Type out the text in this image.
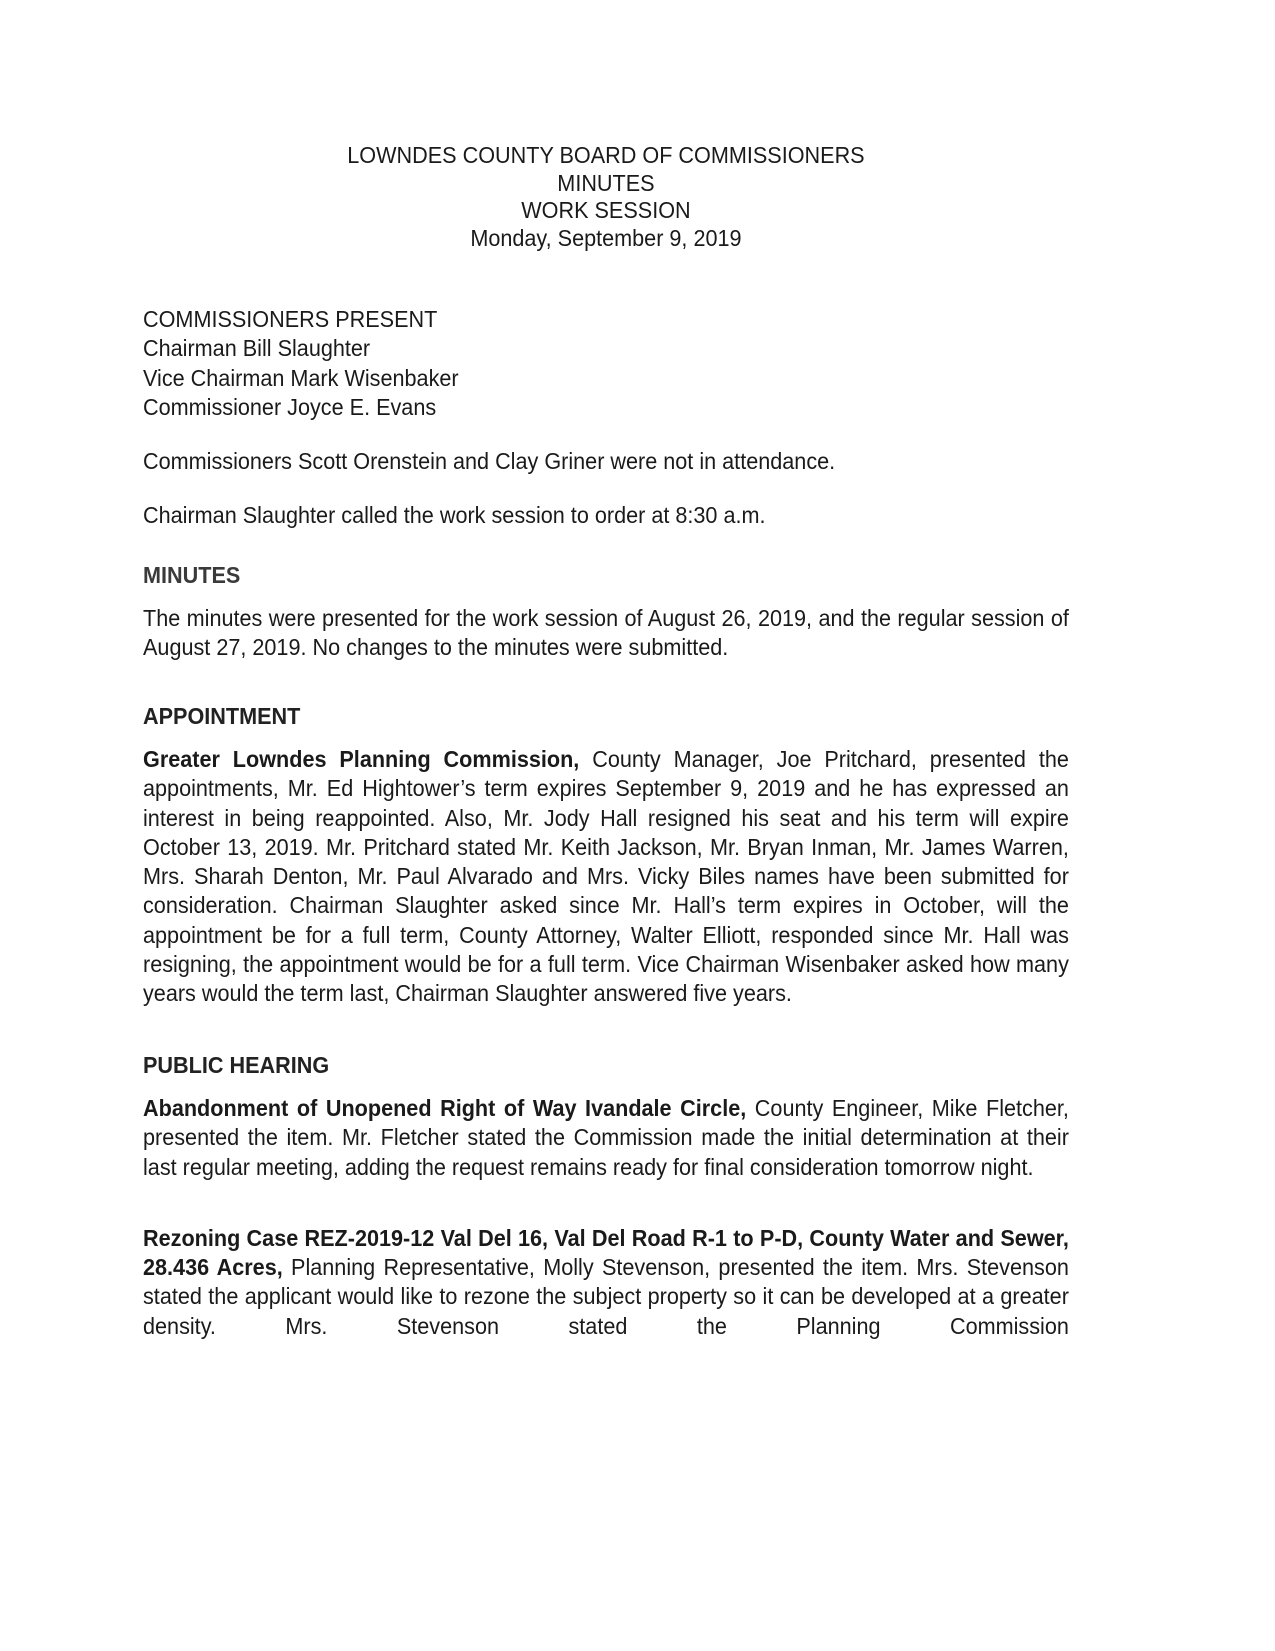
LOWNDES COUNTY BOARD OF COMMISSIONERS
MINUTES
WORK SESSION
Monday, September 9, 2019
COMMISSIONERS PRESENT
Chairman Bill Slaughter
Vice Chairman Mark Wisenbaker
Commissioner Joyce E. Evans

Commissioners Scott Orenstein and Clay Griner were not in attendance.

Chairman Slaughter called the work session to order at 8:30 a.m.

MINUTES

The minutes were presented for the work session of August 26, 2019, and the regular session of August 27, 2019. No changes to the minutes were submitted.

APPOINTMENT

Greater Lowndes Planning Commission, County Manager, Joe Pritchard, presented the appointments, Mr. Ed Hightower’s term expires September 9, 2019 and he has expressed an interest in being reappointed. Also, Mr. Jody Hall resigned his seat and his term will expire October 13, 2019. Mr. Pritchard stated Mr. Keith Jackson, Mr. Bryan Inman, Mr. James Warren, Mrs. Sharah Denton, Mr. Paul Alvarado and Mrs. Vicky Biles names have been submitted for consideration. Chairman Slaughter asked since Mr. Hall’s term expires in October, will the appointment be for a full term, County Attorney, Walter Elliott, responded since Mr. Hall was resigning, the appointment would be for a full term. Vice Chairman Wisenbaker asked how many years would the term last, Chairman Slaughter answered five years.

PUBLIC HEARING

Abandonment of Unopened Right of Way Ivandale Circle, County Engineer, Mike Fletcher, presented the item. Mr. Fletcher stated the Commission made the initial determination at their last regular meeting, adding the request remains ready for final consideration tomorrow night.

Rezoning Case REZ-2019-12 Val Del 16, Val Del Road R-1 to P-D, County Water and Sewer, 28.436 Acres, Planning Representative, Molly Stevenson, presented the item. Mrs. Stevenson stated the applicant would like to rezone the subject property so it can be developed at a greater density. Mrs. Stevenson stated the Planning Commission
